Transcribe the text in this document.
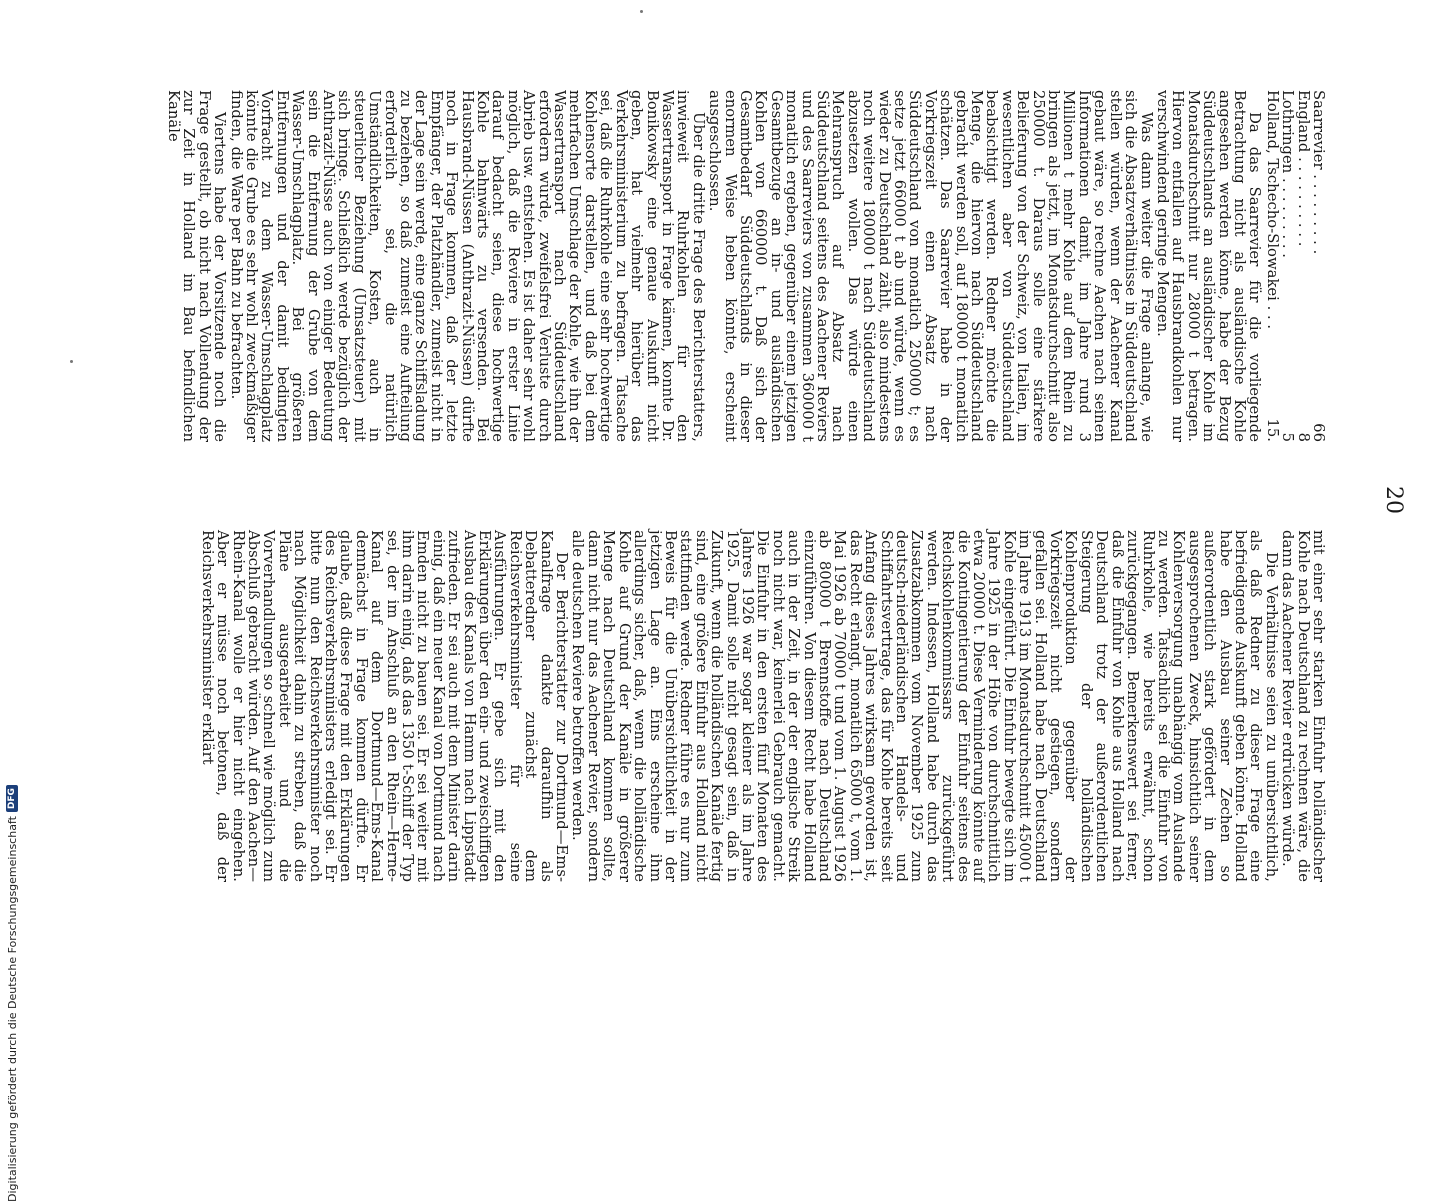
20
Saarrevier . . . . . . . . .
66
England . . . . . . . . . .
8
Lothringen . . . . . . . . .
5
Holland, Tschecho-Slowakei . . .
15.

Da das Saarrevier für die vorliegende Betrachtung nicht als ausländische Kohle angesehen werden könne, habe der Bezug Süddeutschlands an ausländischer Kohle im Monatsdurchschnitt nur 28000 t betragen. Hiervon entfallen auf Hausbrandkohlen nur verschwindend geringe Mengen.

Was dann weiter die Frage anlange, wie sich die Absatzverhältnisse in Süddeutschland stellen würden, wenn der Aachener Kanal gebaut wäre, so rechne Aachen nach seinen Informationen damit, im Jahre rund 3 Millionen t mehr Kohle auf dem Rhein zu bringen als jetzt, im Monatsdurchschnitt also 250000 t. Daraus solle eine stärkere Belieferung von der Schweiz, von Italien, im wesentlichen aber von Süddeutschland beabsichtigt werden. Redner möchte die Menge, die hiervon nach Süddeutschland gebracht werden soll, auf 180000 t monatlich schätzen. Das Saarrevier habe in der Vorkriegszeit einen Absatz nach Süddeutschland von monatlich 250000 t; es setze jetzt 66000 t ab und würde, wenn es wieder zu Deutschland zählt, also mindestens noch weitere 180000 t nach Süddeutschland abzusetzen wollen. Das würde einen Mehranspruch auf Absatz nach Süddeutschland seitens des Aachener Reviers und des Saarreviers von zusammen 360000 t monatlich ergeben, gegenüber einem jetzigen Gesamtbezuge an in- und ausländischen Kohlen von 660000 t. Daß sich der Gesamtbedarf Süddeutschlands in dieser enormen Weise heben könnte, erscheint ausgeschlossen.

Über die dritte Frage des Berichterstatters, inwieweit Ruhrkohlen für den Wassertransport in Frage kämen, konnte Dr. Bonikowsky eine genaue Auskunft nicht geben, hat vielmehr hierüber das Verkehrsministerium zu befragen. Tatsache sei, daß die Ruhrkohle eine sehr hochwertige Kohlensorte darstellen, und daß bei dem mehrfachen Umschlage der Kohle, wie ihn der Wassertransport nach Süddeutschland erfordern würde, zweifelsfrei Verluste durch Abrieb usw. entstehen. Es ist daher sehr wohl möglich, daß die Reviere in erster Linie darauf bedacht seien, diese hochwertige Kohle bahnwärts zu versenden. Bei Hausbrand-Nüssen (Anthrazit-Nüssen) dürfte noch in Frage kommen, daß der letzte Empfänger, der Platzhändler, zumeist nicht in der Lage sein werde, eine ganze Schiffsladung zu beziehen, so daß zumeist eine Aufteilung erforderlich sei, die natürlich Umständlichkeiten, Kosten, auch in steuerlicher Beziehung (Umsatzsteuer) mit sich bringe. Schließlich werde bezüglich der Anthrazit-Nüsse auch von einiger Bedeutung sein die Entfernung der Grube von dem Wasser-Umschlagplatz. Bei größeren Entfernungen und der damit bedingten Vorfracht zu dem Wasser-Umschlagplatz könnte die Grube es sehr wohl zweckmäßiger finden, die Ware per Bahn zu befrachten.

Viertens habe der Vorsitzende noch die Frage gestellt, ob nicht nach Vollendung der zur Zeit in Holland im Bau befindlichen Kanäle

mit einer sehr starken Einfuhr holländischer Kohle nach Deutschland zu rechnen wäre, die dann das Aachener Revier erdrücken würde.

Die Verhältnisse seien zu unübersichtlich, als daß Redner zu dieser Frage eine befriedigende Auskunft geben könne. Holland habe den Ausbau seiner Zechen so außerordentlich stark gefördert in dem ausgesprochenen Zweck, hinsichtlich seiner Kohlenversorgung unabhängig vom Auslande zu werden. Tatsächlich sei die Einfuhr von Ruhrkohle, wie bereits erwähnt, schon zurückgegangen. Bemerkenswert sei ferner, daß die Einfuhr von Kohle aus Holland nach Deutschland trotz der außerordentlichen Steigerung der holländischen Kohlenproduktion gegenüber der Vorkriegszeit nicht gestiegen, sondern gefallen sei. Holland habe nach Deutschland im Jahre 1913 im Monatsdurchschnitt 45000 t Kohle eingeführt. Die Einfuhr bewegte sich im Jahre 1925 in der Höhe von durchschnittlich etwa 20000 t. Diese Verminderung könnte auf die Kontingentierung der Einfuhr seitens des Reichskohlenkommissars zurückgeführt werden. Indessen, Holland habe durch das Zusatzabkommen vom November 1925 zum deutsch-niederländischen Handels- und Schiffahrtsvertrage, das für Kohle bereits seit Anfang dieses Jahres wirksam geworden ist, das Recht erlangt, monatlich 65000 t, vom 1. Mai 1926 ab 70000 t und vom 1. August 1926 ab 80000 t Brennstoffe nach Deutschland einzuführen. Von diesem Recht habe Holland auch in der Zeit, in der der englische Streik noch nicht war, keinerlei Gebrauch gemacht. Die Einfuhr in den ersten fünf Monaten des Jahres 1926 war sogar kleiner als im Jahre 1925. Damit solle nicht gesagt sein, daß in Zukunft, wenn die holländischen Kanäle fertig sind, eine größere Einfuhr aus Holland nicht stattfinden werde. Redner führe es nur zum Beweis für die Unübersichtlichkeit in der jetzigen Lage an. Eins erscheine ihm allerdings sicher, daß, wenn die holländische Kohle auf Grund der Kanäle in größerer Menge nach Deutschland kommen sollte, dann nicht nur das Aachener Revier, sondern alle deutschen Reviere betroffen werden.

Der Berichterstatter zur Dortmund—Ems-Kanalfrage dankte daraufhin als Debatteredner zunächst dem Reichsverkehrsminister für seine Ausführungen. Er gebe sich mit den Erklärungen über den ein- und zweischiffigen Ausbau des Kanals von Hamm nach Lippstadt zufrieden. Er sei auch mit dem Minister darin einig, daß ein neuer Kanal von Dortmund nach Emden nicht zu bauen sei. Er sei weiter mit ihm darin einig, daß das 1350 t-Schiff der Typ sei, der im Anschluß an den Rhein—Herne-Kanal auf dem Dortmund—Ems-Kanal demnächst in Frage kommen dürfte. Er glaube, daß diese Frage mit den Erklärungen des Reichsverkehrsministers erledigt sei. Er bitte nun den Reichsverkehrsminister noch nach Möglichkeit dahin zu streben, daß die Pläne ausgearbeitet und die Vorverhandlungen so schnell wie möglich zum Abschluß gebracht würden. Auf den Aachen—Rhein-Kanal wolle er hier nicht eingehen. Aber er müsse noch betonen, daß der Reichsverkehrsminister erklärt

Digitalisierung gefördert durch die Deutsche Forschungsgemeinschaft
DFG
